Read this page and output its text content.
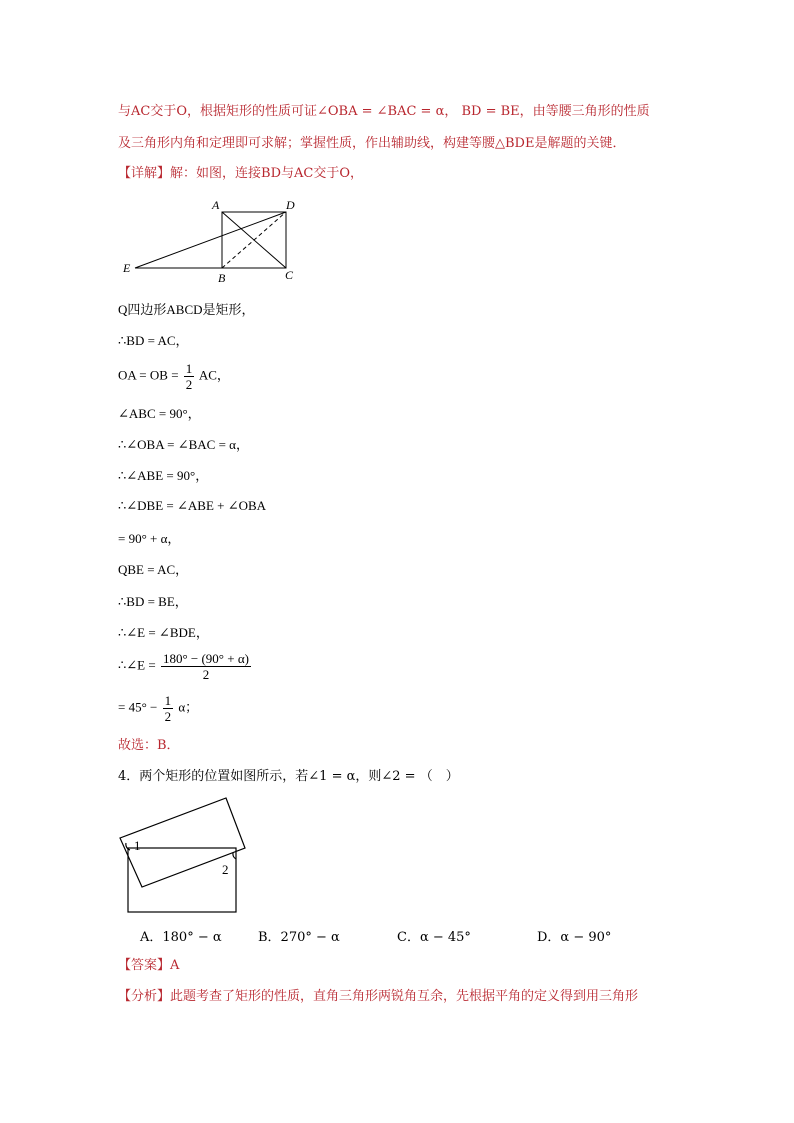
与AC交于O，根据矩形的性质可证∠OBA = ∠BAC = α， BD = BE，由等腰三角形的性质
及三角形内角和定理即可求解；掌握性质，作出辅助线，构建等腰△BDE是解题的关键．
【详解】解：如图，连接BD与AC交于O，
A	D
E
B	C
Q四边形ABCD是矩形，
∴BD = AC，
OA = OB = $\frac{1}{2}$ AC，
∠ABC = 90°，
∴∠OBA = ∠BAC = α，
∴∠ABE = 90°，
∴∠DBE = ∠ABE + ∠OBA
= 90° + α，
QBE = AC，
∴BD = BE，
∴∠E = ∠BDE，
∴∠E = $\frac{180^\circ - (90^\circ + \alpha)}{2}$
= $45^\circ - \frac{1}{2}$ α；
故选：B．
4．两个矩形的位置如图所示，若∠1 = α，则∠2 = （　）
1
2
A．180° − α	B．270° − α	C．α − 45°	D．α − 90°
【答案】A
【分析】此题考查了矩形的性质，直角三角形两锐角互余，先根据平角的定义得到用三角形
